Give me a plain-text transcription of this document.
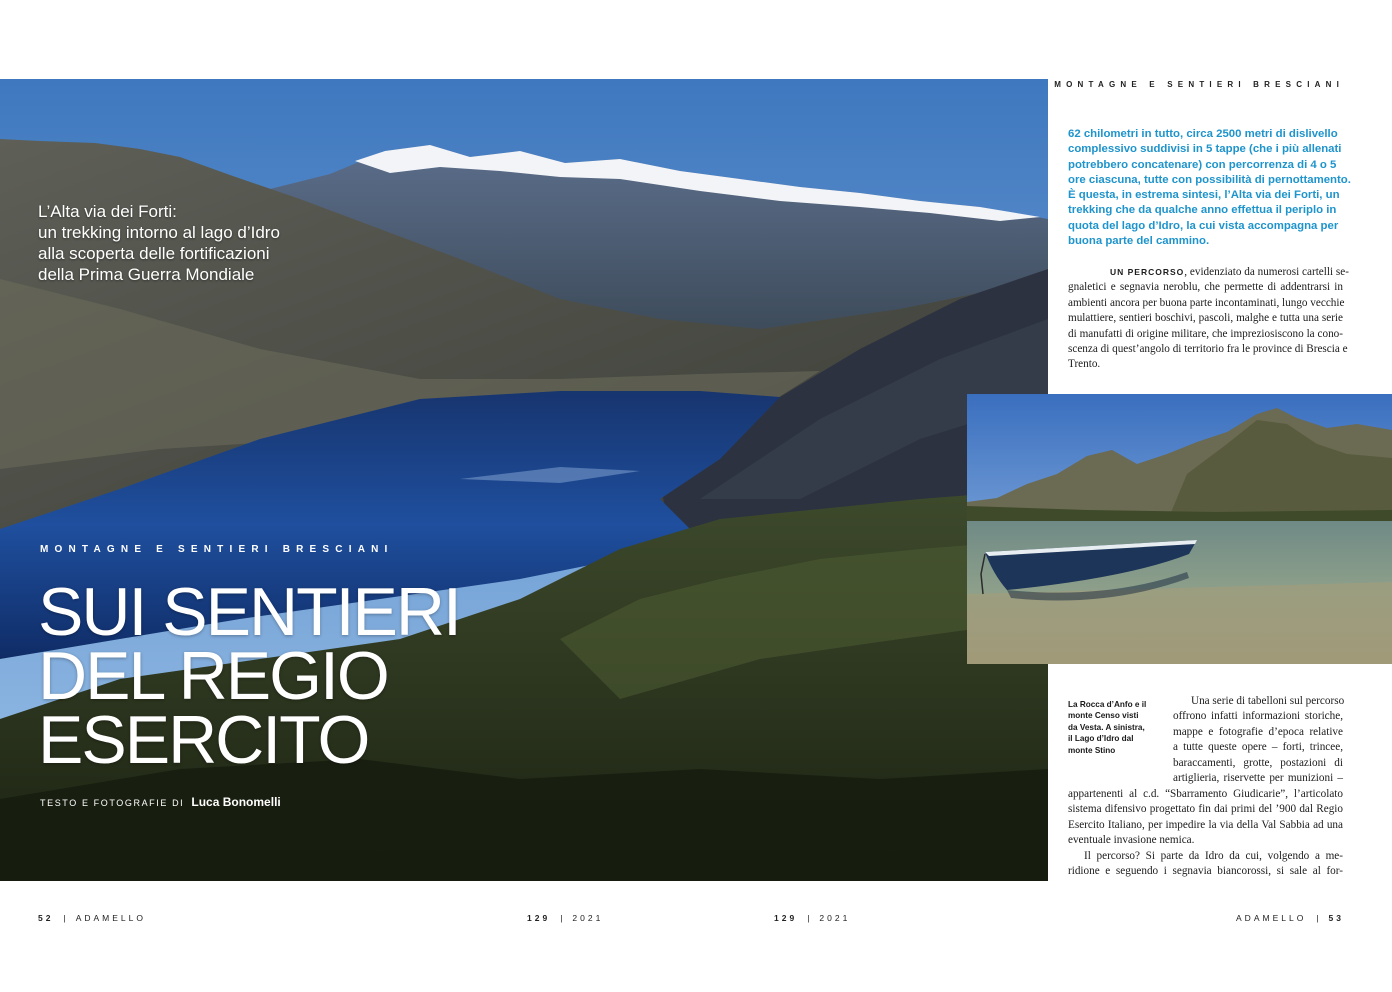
L’Alta via dei Forti:
un trekking intorno al lago d’Idro
alla scoperta delle fortificazioni
della Prima Guerra Mondiale
MONTAGNE E SENTIERI BRESCIANI
SUI SENTIERI
DEL REGIO
ESERCITO
TESTO E FOTOGRAFIE DI Luca Bonomelli
MONTAGNE E SENTIERI BRESCIANI
62 chilometri in tutto, circa 2500 metri di dislivello
complessivo suddivisi in 5 tappe (che i più allenati
potrebbero concatenare) con percorrenza di 4 o 5
ore ciascuna, tutte con possibilità di pernottamento.
È questa, in estrema sintesi, l’Alta via dei Forti, un
trekking che da qualche anno effettua il periplo in
quota del lago d’Idro, la cui vista accompagna per
buona parte del cammino.
UN PERCORSO, evidenziato da numerosi cartelli se-
gnaletici e segnavia neroblu, che permette di addentrarsi in
ambienti ancora per buona parte incontaminati, lungo vecchie
mulattiere, sentieri boschivi, pascoli, malghe e tutta una serie
di manufatti di origine militare, che impreziosiscono la cono-
scenza di quest’angolo di territorio fra le province di Brescia e
Trento.
La Rocca d’Anfo e il
monte Censo visti
da Vesta. A sinistra,
il Lago d’Idro dal
monte Stino
Una serie di tabelloni sul percorso
offrono infatti informazioni storiche,
mappe e fotografie d’epoca relative
a tutte queste opere – forti, trincee,
baraccamenti, grotte, postazioni di
artiglieria, riservette per munizioni –
appartenenti al c.d. “Sbarramento Giudicarie”, l’articolato
sistema difensivo progettato fin dai primi del ’900 dal Regio
Esercito Italiano, per impedire la via della Val Sabbia ad una
eventuale invasione nemica.
Il percorso? Si parte da Idro da cui, volgendo a me-
ridione e seguendo i segnavia biancorossi, si sale al for-
52 | ADAMELLO	129 | 2021	129 | 2021	ADAMELLO | 53
